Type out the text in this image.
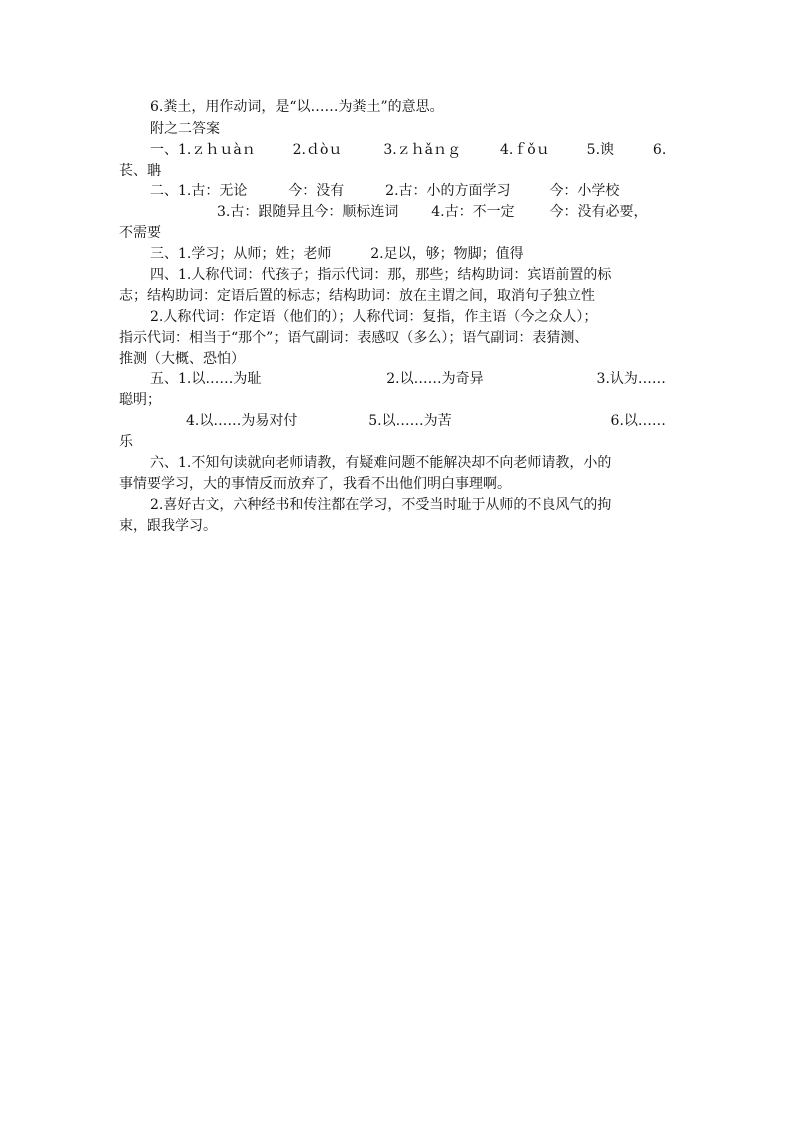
6.粪土，用作动词，是“以……为粪土”的意思。

附之二答案

一、1.ｚｈｕàｎ	2.ｄòｕ	3.ｚｈǎｎｇ	4.ｆǒｕ	5.谀	6.

苌、聃

二、1.古：无论	今：没有	2.古：小的方面学习	今：小学校

3.古：跟随异且今：顺标连词 4.古：不一定 今：没有必要，

不需要

三、1.学习；从师；姓；老师	2.足以，够；物脚；值得

四、1.人称代词：代孩子；指示代词：那，那些；结构助词：宾语前置的标

志；结构助词：定语后置的标志；结构助词：放在主谓之间，取消句子独立性

2.人称代词：作定语（他们的）；人称代词：复指，作主语（今之众人）；

指示代词：相当于“那个”；语气副词：表感叹（多么）；语气副词：表猜测、

推测（大概、恐怕）

五、1.以……为耻	2.以……为奇异	3.认为……

聪明；

4.以……为易对付	5.以……为苦	6.以……

乐

六、1.不知句读就向老师请教，有疑难问题不能解决却不向老师请教，小的

事情要学习，大的事情反而放弃了，我看不出他们明白事理啊。

2.喜好古文，六种经书和传注都在学习，不受当时耻于从师的不良风气的拘

束，跟我学习。
